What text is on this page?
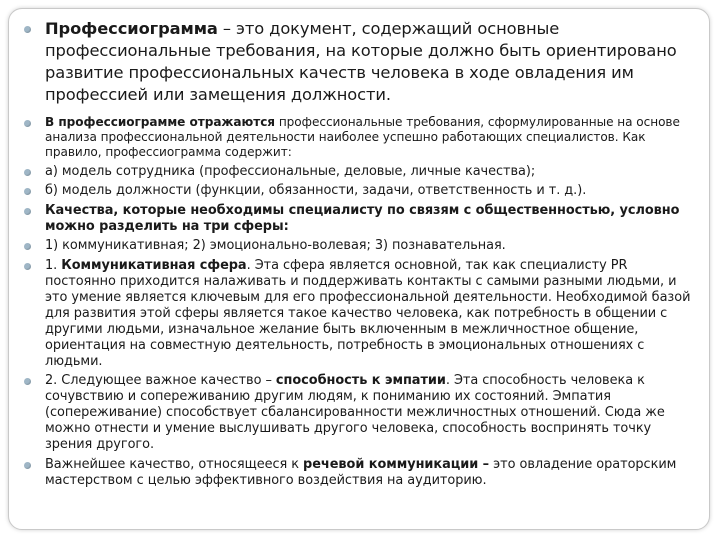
Профессиограмма – это документ, содержащий основные профессиональные требования, на которые должно быть ориентировано развитие профессиональных качеств человека в ходе овладения им профессией или замещения должности.
В профессиограмме отражаются профессиональные требования, сформулированные на основе анализа профессиональной деятельности наиболее успешно работающих специалистов. Как правило, профессиограмма содержит:
а) модель сотрудника (профессиональные, деловые, личные качества);
б) модель должности (функции, обязанности, задачи, ответственность и т. д.).
Качества, которые необходимы специалисту по связям с общественностью, условно можно разделить на три сферы:
1) коммуникативная; 2) эмоционально-волевая; 3) познавательная.
1. Коммуникативная сфера. Эта сфера является основной, так как специалисту PR постоянно приходится налаживать и поддерживать контакты с самыми разными людьми, и это умение является ключевым для его профессиональной деятельности. Необходимой базой для развития этой сферы является такое качество человека, как потребность в общении с другими людьми, изначальное желание быть включенным в межличностное общение, ориентация на совместную деятельность, потребность в эмоциональных отношениях с людьми.
2. Следующее важное качество – способность к эмпатии. Эта способность человека к сочувствию и сопереживанию другим людям, к пониманию их состояний. Эмпатия (сопереживание) способствует сбалансированности межличностных отношений. Сюда же можно отнести и умение выслушивать другого человека, способность воспринять точку зрения другого.
Важнейшее качество, относящееся к речевой коммуникации – это овладение ораторским мастерством с целью эффективного воздействия на аудиторию.
